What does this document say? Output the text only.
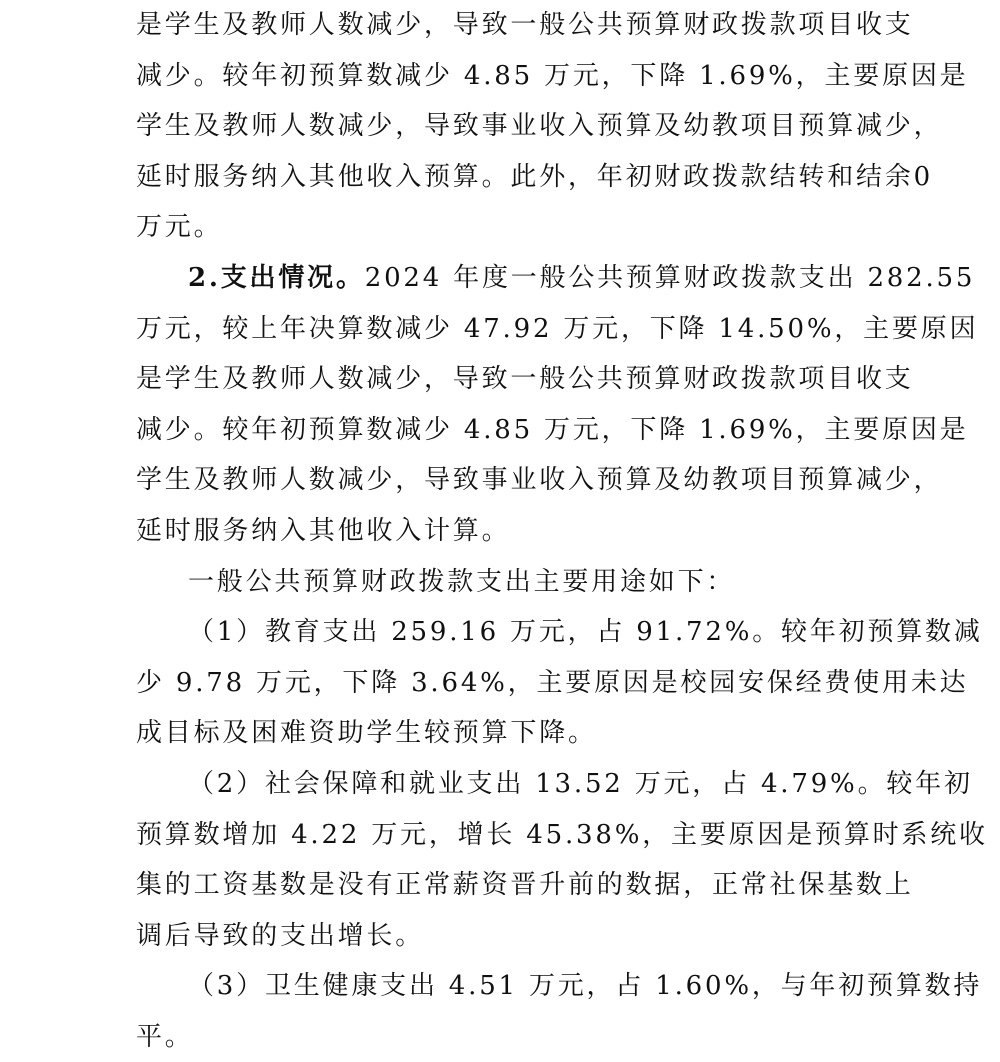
是学生及教师人数减少，导致一般公共预算财政拨款项目收支
减少。较年初预算数减少 4.85 万元，下降 1.69%，主要原因是
学生及教师人数减少，导致事业收入预算及幼教项目预算减少，
延时服务纳入其他收入预算。此外，年初财政拨款结转和结余0
万元。
2.支出情况。2024 年度一般公共预算财政拨款支出 282.55
万元，较上年决算数减少 47.92 万元，下降 14.50%，主要原因
是学生及教师人数减少，导致一般公共预算财政拨款项目收支
减少。较年初预算数减少 4.85 万元，下降 1.69%，主要原因是
学生及教师人数减少，导致事业收入预算及幼教项目预算减少，
延时服务纳入其他收入计算。
一般公共预算财政拨款支出主要用途如下：
（1）教育支出 259.16 万元，占 91.72%。较年初预算数减
少 9.78 万元，下降 3.64%，主要原因是校园安保经费使用未达
成目标及困难资助学生较预算下降。
（2）社会保障和就业支出 13.52 万元，占 4.79%。较年初
预算数增加 4.22 万元，增长 45.38%，主要原因是预算时系统收
集的工资基数是没有正常薪资晋升前的数据，正常社保基数上
调后导致的支出增长。
（3）卫生健康支出 4.51 万元，占 1.60%，与年初预算数持
平。
